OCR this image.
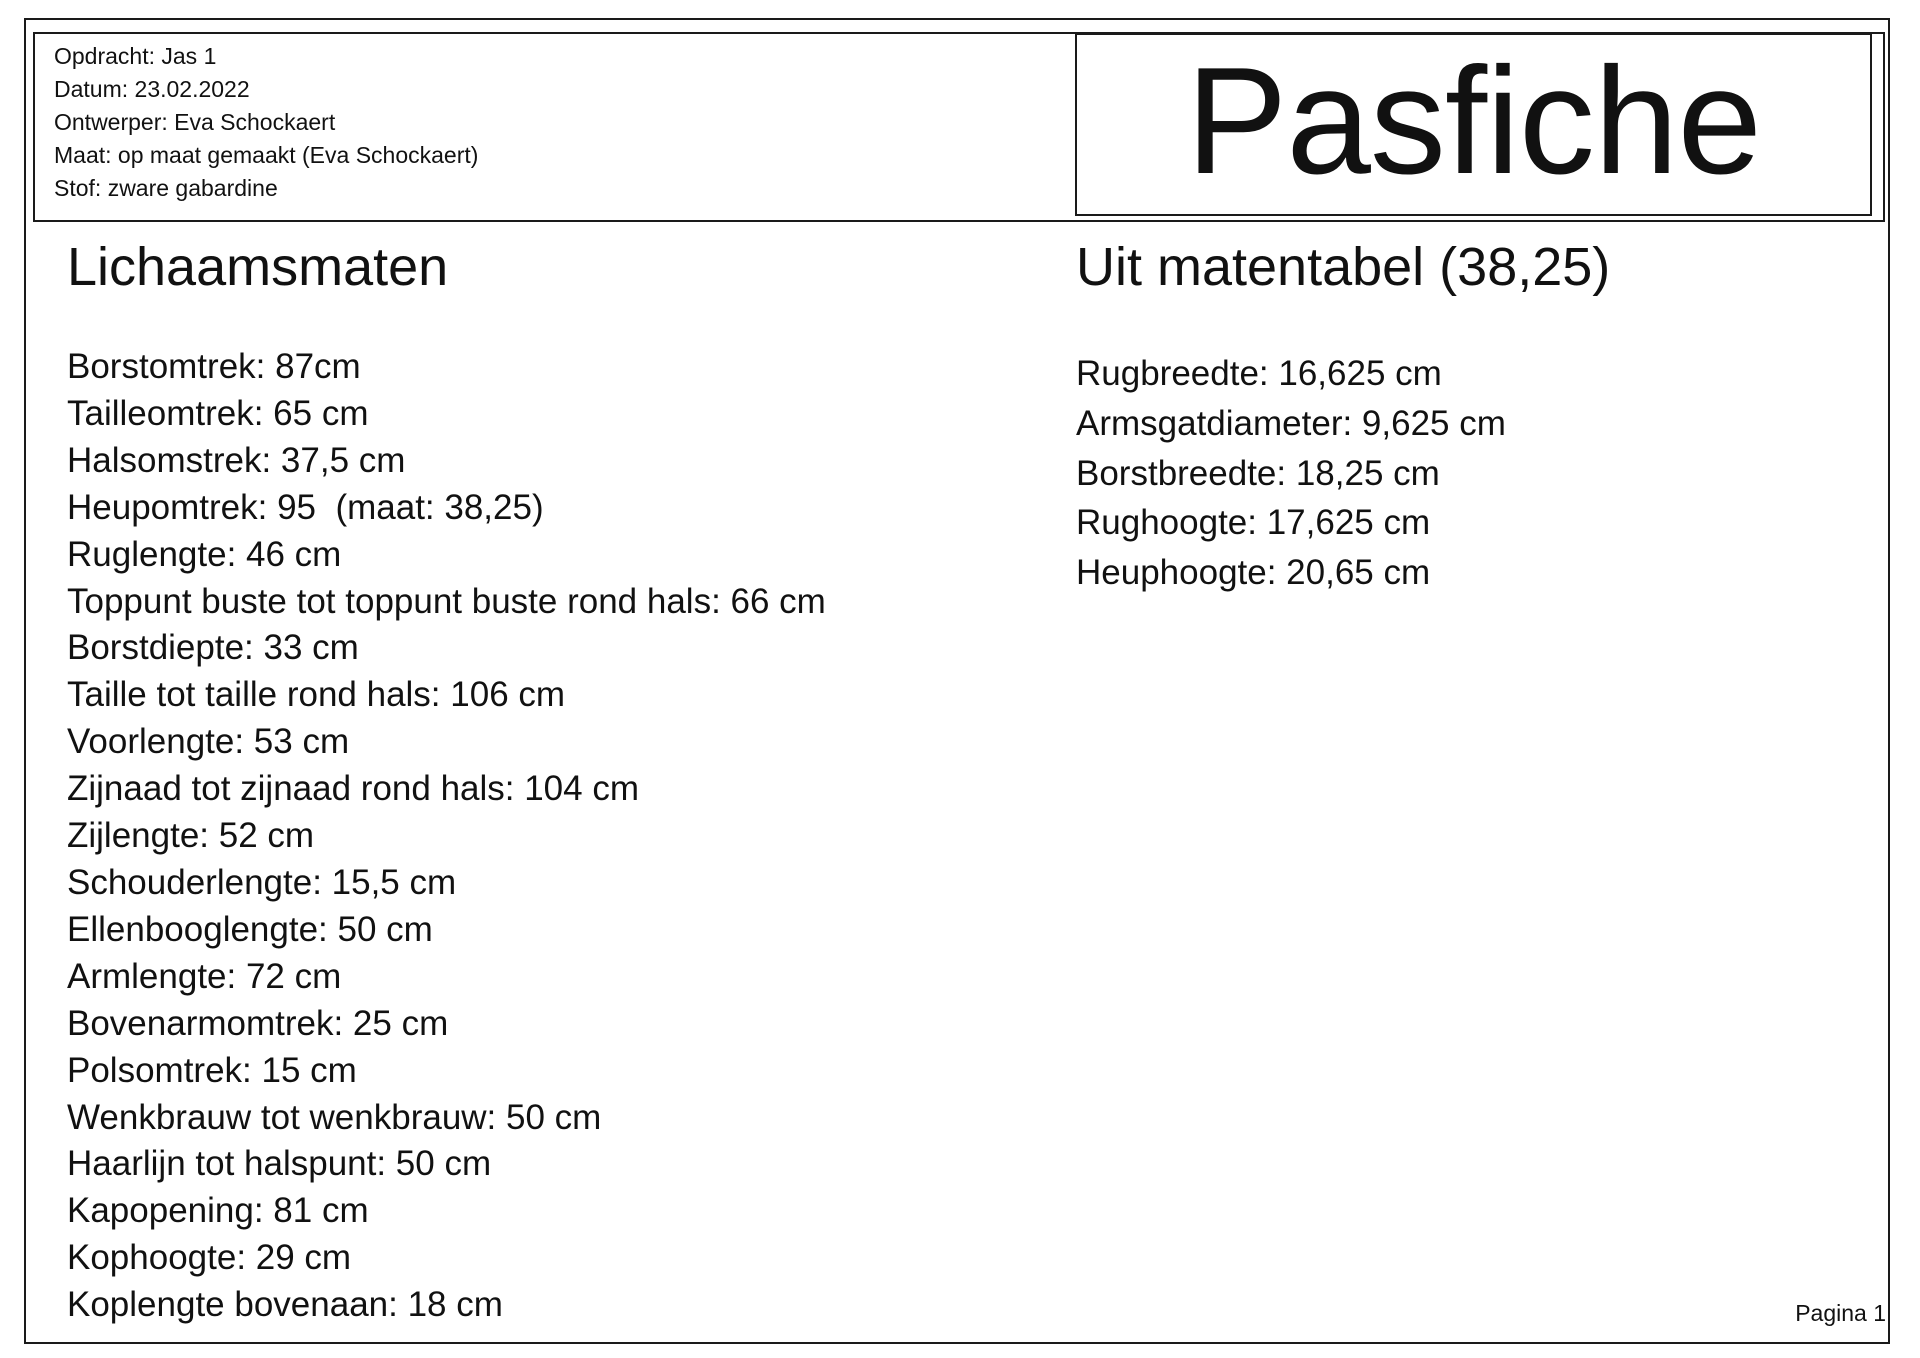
Opdracht: Jas 1
Datum: 23.02.2022
Ontwerper: Eva Schockaert
Maat: op maat gemaakt (Eva Schockaert)
Stof: zware gabardine	Pasfiche
Lichaamsmaten	Uit matentabel (38,25)
Borstomtrek: 87cm
Tailleomtrek: 65 cm
Halsomstrek: 37,5 cm
Heupomtrek: 95  (maat: 38,25)
Ruglengte: 46 cm
Toppunt buste tot toppunt buste rond hals: 66 cm
Borstdiepte: 33 cm
Taille tot taille rond hals: 106 cm
Voorlengte: 53 cm
Zijnaad tot zijnaad rond hals: 104 cm
Zijlengte: 52 cm
Schouderlengte: 15,5 cm
Ellenbooglengte: 50 cm
Armlengte: 72 cm
Bovenarmomtrek: 25 cm
Polsomtrek: 15 cm
Wenkbrauw tot wenkbrauw: 50 cm
Haarlijn tot halspunt: 50 cm
Kapopening: 81 cm
Kophoogte: 29 cm
Koplengte bovenaan: 18 cm
Rugbreedte: 16,625 cm
Armsgatdiameter: 9,625 cm
Borstbreedte: 18,25 cm
Rughoogte: 17,625 cm
Heuphoogte: 20,65 cm
Pagina 1
